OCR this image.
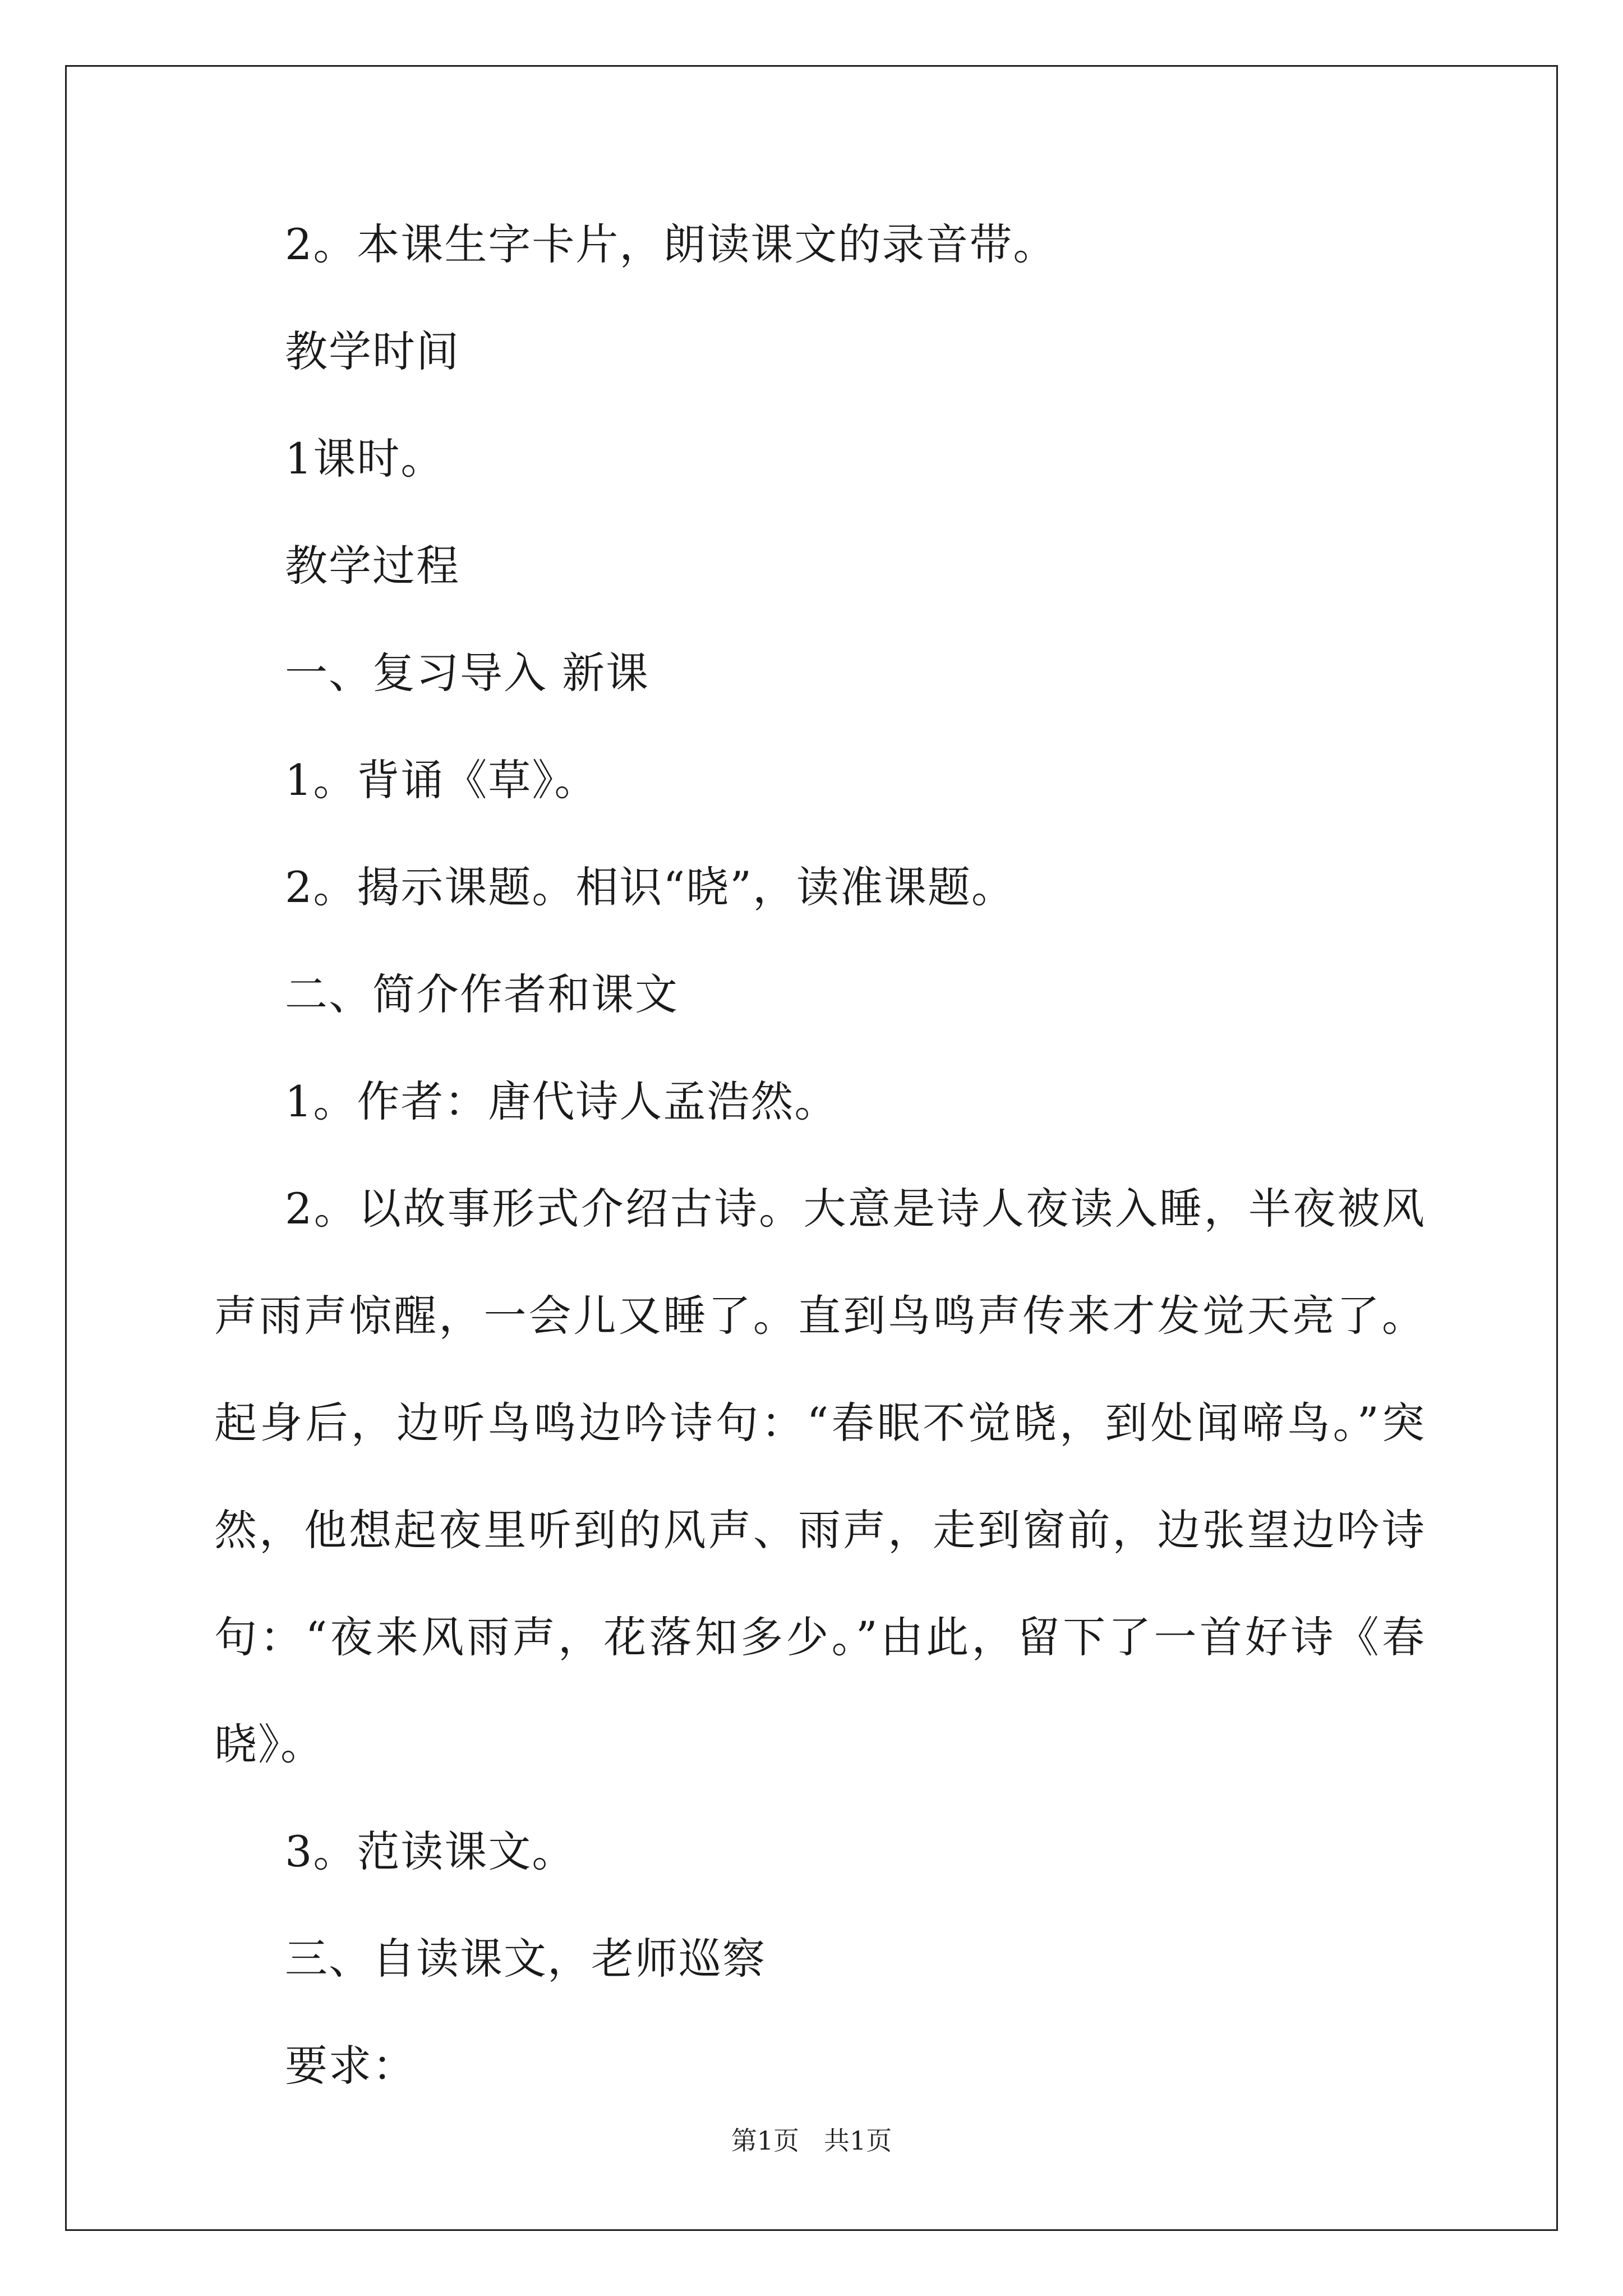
2。本课生字卡片，朗读课文的录音带。

教学时间

1课时。

教学过程

一、复习导入 新课

1。背诵《草》。

2。揭示课题。相识“晓”，读准课题。

二、简介作者和课文

1。作者：唐代诗人孟浩然。

2。以故事形式介绍古诗。大意是诗人夜读入睡，半夜被风声雨声惊醒，一会儿又睡了。直到鸟鸣声传来才发觉天亮了。起身后，边听鸟鸣边吟诗句：“春眠不觉晓，到处闻啼鸟。”突然，他想起夜里听到的风声、雨声，走到窗前，边张望边吟诗句：“夜来风雨声，花落知多少。”由此，留下了一首好诗《春晓》。

3。范读课文。

三、自读课文，老师巡察

要求：

第1页 共1页
